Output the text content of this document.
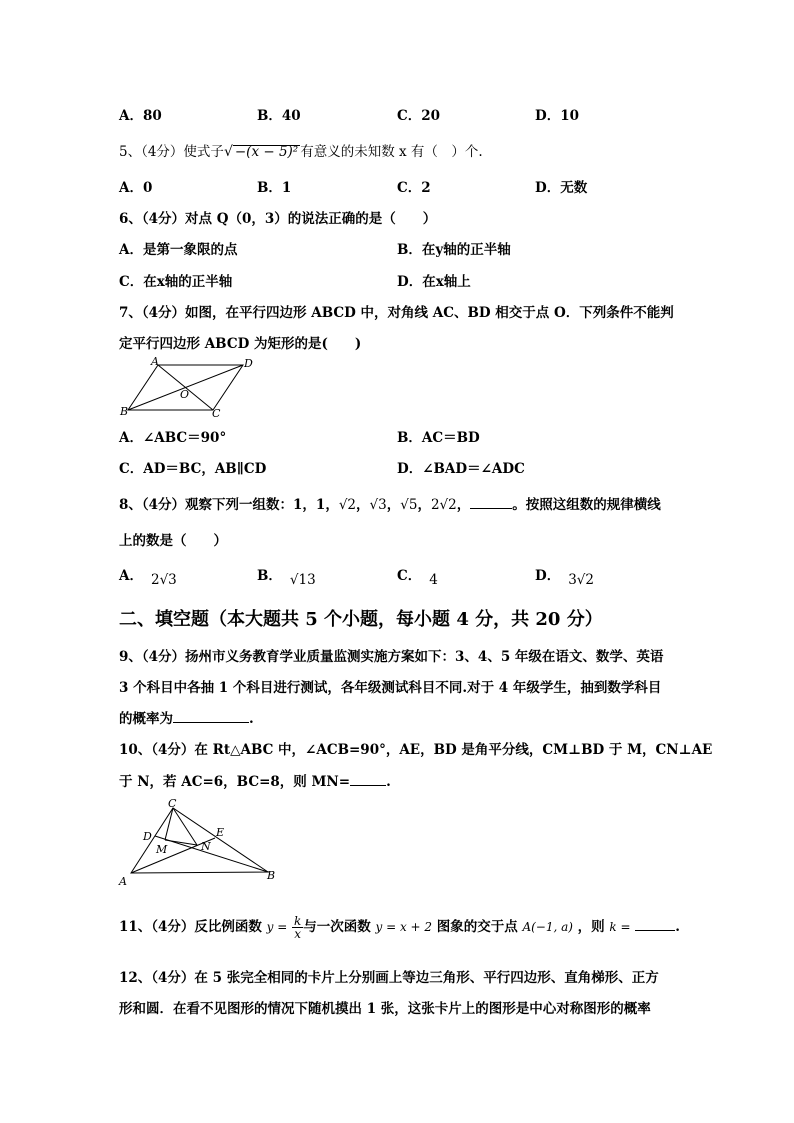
A．80	B．40	C．20	D．10
5、（4分）使式子√ −(x − 5)² 有意义的未知数 x 有（　）个.
A．0	B．1	C．2	D．无数
6、（4分）对点 Q（0，3）的说法正确的是（　　）
A．是第一象限的点	B．在y轴的正半轴
C．在x轴的正半轴	D．在x轴上
7、（4分）如图，在平行四边形 ABCD 中，对角线 AC、BD 相交于点 O．下列条件不能判
定平行四边形 ABCD 为矩形的是(　　)
A	D
B	C
O
A．∠ABC＝90°	B．AC＝BD
C．AD＝BC，AB∥CD	D．∠BAD＝∠ADC
8、（4分）观察下列一组数：1，1，√2，√3，√5，2√2，	。按照这组数的规律横线
上的数是（　　）
A． 2√3	B． √13	C． 4	D． 3√2
二、填空题（本大题共 5 个小题，每小题 4 分，共 20 分）
9、（4分）扬州市义务教育学业质量监测实施方案如下：3、4、5 年级在语文、数学、英语
3 个科目中各抽 1 个科目进行测试，各年级测试科目不同.对于 4 年级学生，抽到数学科目
的概率为	.
10、（4分）在 Rt△ABC 中，∠ACB=90°，AE，BD 是角平分线，CM⊥BD 于 M，CN⊥AE
于 N，若 AC=6，BC=8，则 MN=	.
C
D	E
M	N
A	B
11、（4分）反比例函数 $y = \frac{k}{x}$ 与一次函数 y = x + 2 图象的交于点 A(−1, a) ，则 k =	.
12、（4分）在 5 张完全相同的卡片上分别画上等边三角形、平行四边形、直角梯形、正方
形和圆．在看不见图形的情况下随机摸出 1 张，这张卡片上的图形是中心对称图形的概率
